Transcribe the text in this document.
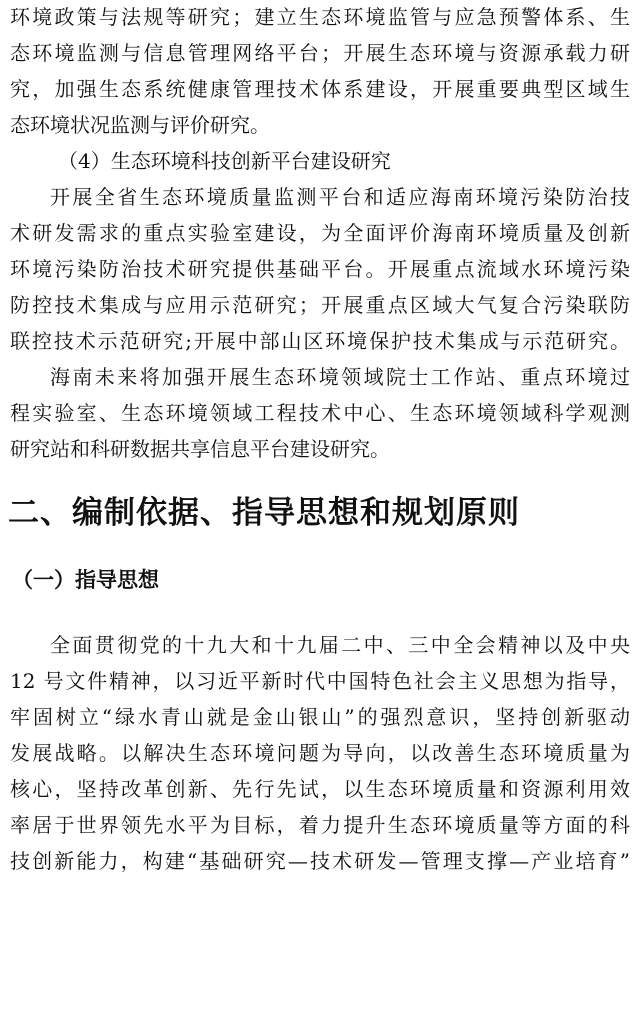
环境政策与法规等研究；建立生态环境监管与应急预警体系、生
态环境监测与信息管理网络平台；开展生态环境与资源承载力研
究，加强生态系统健康管理技术体系建设，开展重要典型区域生
态环境状况监测与评价研究。
（4）生态环境科技创新平台建设研究
开展全省生态环境质量监测平台和适应海南环境污染防治技
术研发需求的重点实验室建设，为全面评价海南环境质量及创新
环境污染防治技术研究提供基础平台。开展重点流域水环境污染
防控技术集成与应用示范研究；开展重点区域大气复合污染联防
联控技术示范研究;开展中部山区环境保护技术集成与示范研究。
海南未来将加强开展生态环境领域院士工作站、重点环境过
程实验室、生态环境领域工程技术中心、生态环境领域科学观测
研究站和科研数据共享信息平台建设研究。
二、编制依据、指导思想和规划原则
（一）指导思想
全面贯彻党的十九大和十九届二中、三中全会精神以及中央
12 号文件精神，以习近平新时代中国特色社会主义思想为指导，
牢固树立“绿水青山就是金山银山”的强烈意识，坚持创新驱动
发展战略。以解决生态环境问题为导向，以改善生态环境质量为
核心，坚持改革创新、先行先试，以生态环境质量和资源利用效
率居于世界领先水平为目标，着力提升生态环境质量等方面的科
技创新能力，构建“基础研究—技术研发—管理支撑—产业培育”
